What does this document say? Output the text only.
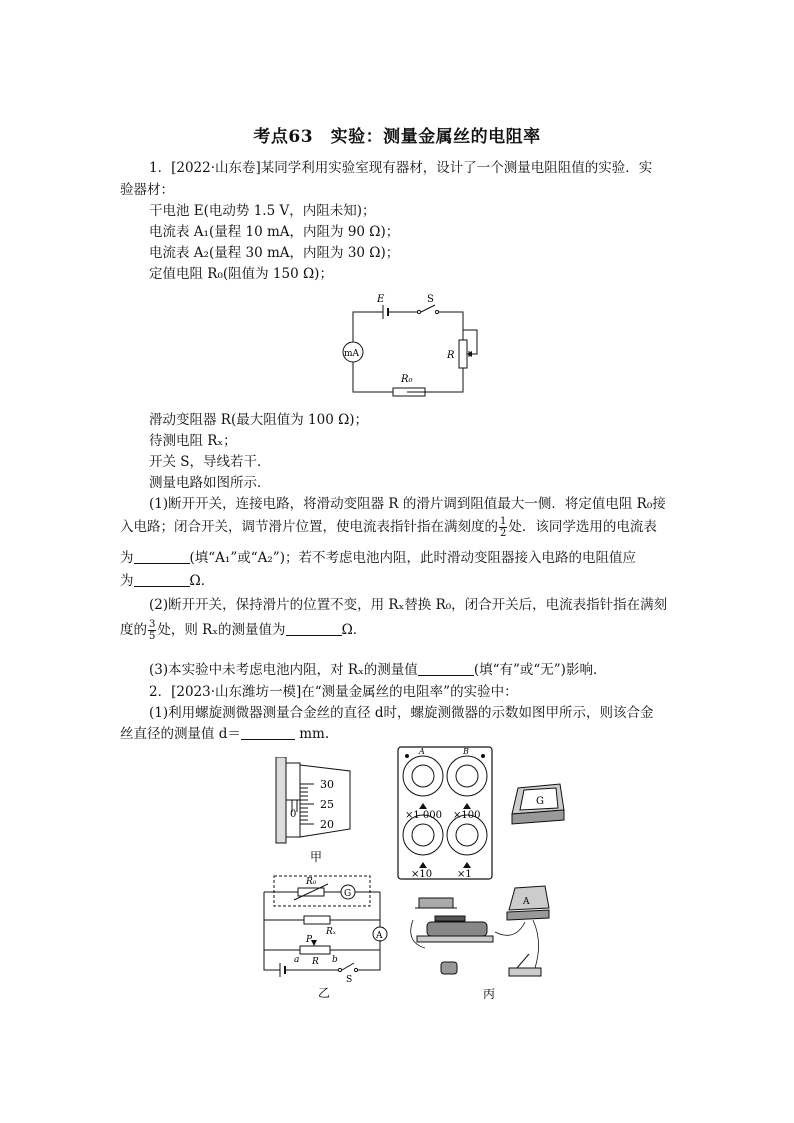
考点63　实验：测量金属丝的电阻率
1．[2022·山东卷]某同学利用实验室现有器材，设计了一个测量电阻阻值的实验．实
验器材：
干电池 E(电动势 1.5 V，内阻未知)；
电流表 A₁(量程 10 mA，内阻为 90 Ω)；
电流表 A₂(量程 30 mA，内阻为 30 Ω)；
定值电阻 R₀(阻值为 150 Ω)；
E	S
R
R₀
mA
滑动变阻器 R(最大阻值为 100 Ω)；
待测电阻 Rₓ；
开关 S，导线若干．
测量电路如图所示．
(1)断开开关，连接电路，将滑动变阻器 R 的滑片调到阻值最大一侧．将定值电阻 R₀接
入电路；闭合开关，调节滑片位置，使电流表指针指在满刻度的 $\frac{1}{2}$ 处．该同学选用的电流表
为	(填“A₁”或“A₂”)；若不考虑电池内阻，此时滑动变阻器接入电路的电阻值应
为	Ω．
(2)断开开关，保持滑片的位置不变，用 Rₓ替换 R₀，闭合开关后，电流表指针指在满刻
度的 $\frac{3}{5}$ 处，则 Rₓ的测量值为	Ω．
(3)本实验中未考虑电池内阻，对 Rₓ的测量值	(填“有”或“无”)影响．
2．[2023·山东潍坊一模]在“测量金属丝的电阻率”的实验中：
(1)利用螺旋测微器测量合金丝的直径 d时，螺旋测微器的示数如图甲所示，则该合金
丝直径的测量值 d＝	mm.
30
25
20
0
甲
A	B
×1 000 ×100
×10 ×1
G
R₀
G
Rₓ	A
P
a R b
S
乙
A
丙
